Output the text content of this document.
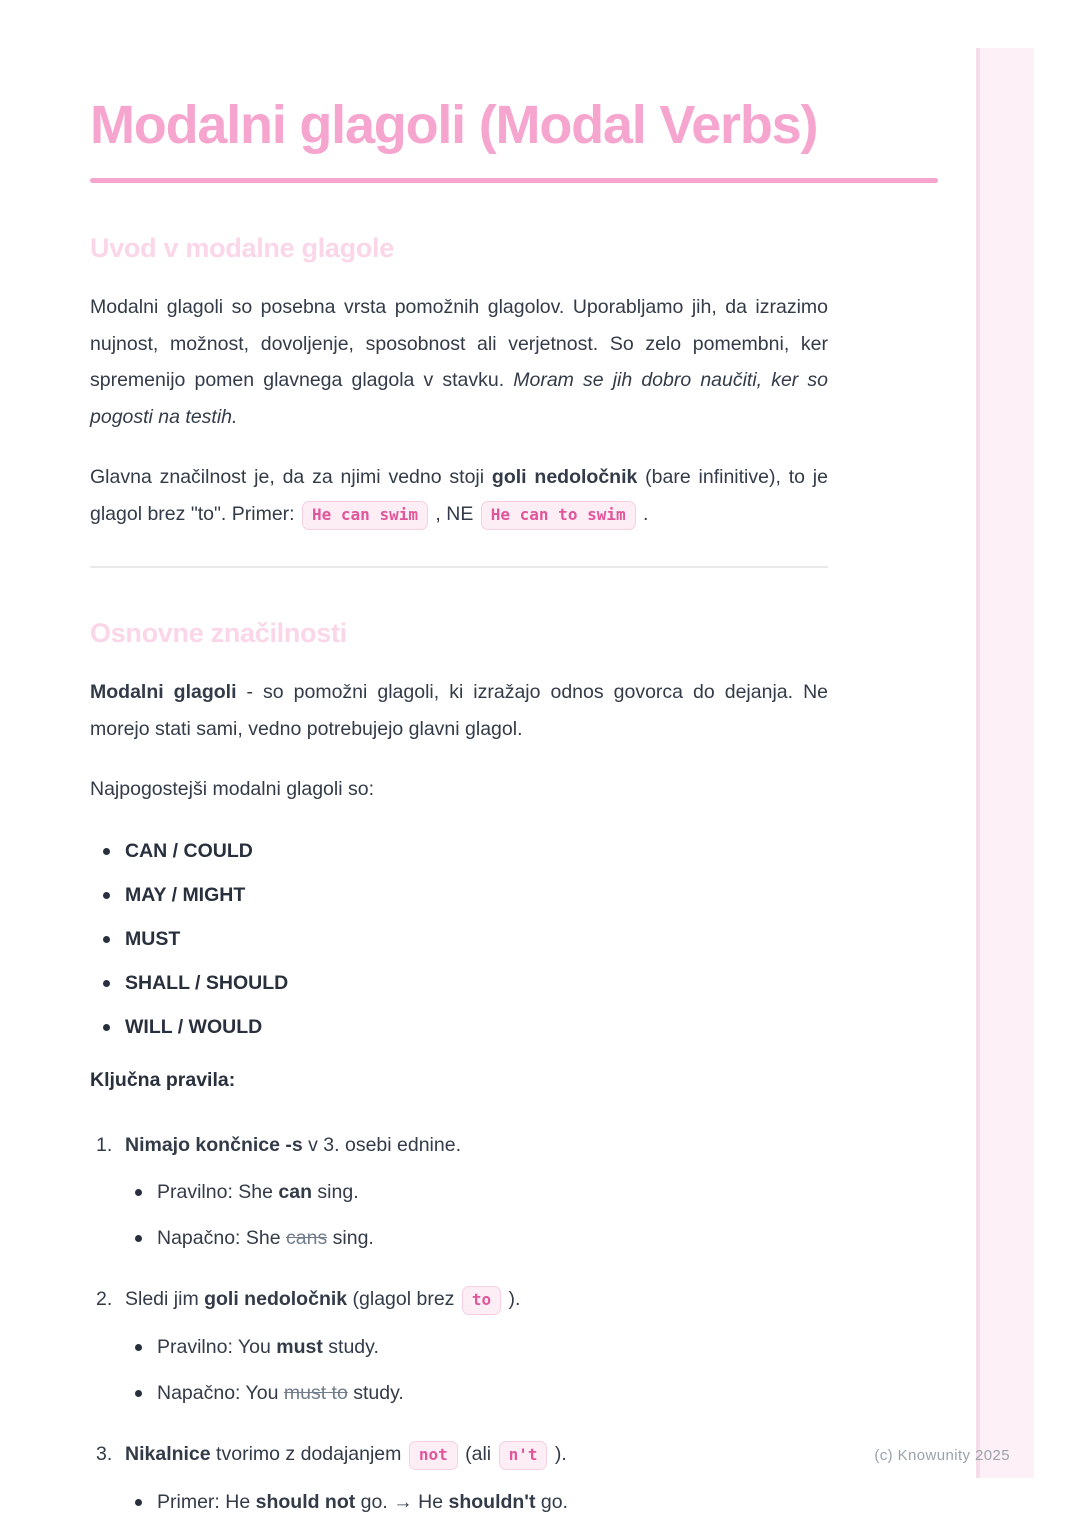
Modalni glagoli (Modal Verbs)
Uvod v modalne glagole

Modalni glagoli so posebna vrsta pomožnih glagolov. Uporabljamo jih, da izrazimo nujnost, možnost, dovoljenje, sposobnost ali verjetnost. So zelo pomembni, ker spremenijo pomen glavnega glagola v stavku. Moram se jih dobro naučiti, ker so pogosti na testih.

Glavna značilnost je, da za njimi vedno stoji goli nedoločnik (bare infinitive), to je glagol brez "to". Primer: He can swim , NE He can to swim .

Osnovne značilnosti

Modalni glagoli - so pomožni glagoli, ki izražajo odnos govorca do dejanja. Ne morejo stati sami, vedno potrebujejo glavni glagol.

Najpogostejši modalni glagoli so:

CAN / COULD
MAY / MIGHT
MUST
SHALL / SHOULD
WILL / WOULD

Ključna pravila:

Nimajo končnice -s v 3. osebi ednine.
Pravilno: She can sing.
Napačno: She cans sing.
Sledi jim goli nedoločnik (glagol brez to ).
Pravilno: You must study.
Napačno: You must to study.
Nikalnice tvorimo z dodajanjem not (ali n't ).
Primer: He should not go. → He shouldn't go.
(c) Knowunity 2025
